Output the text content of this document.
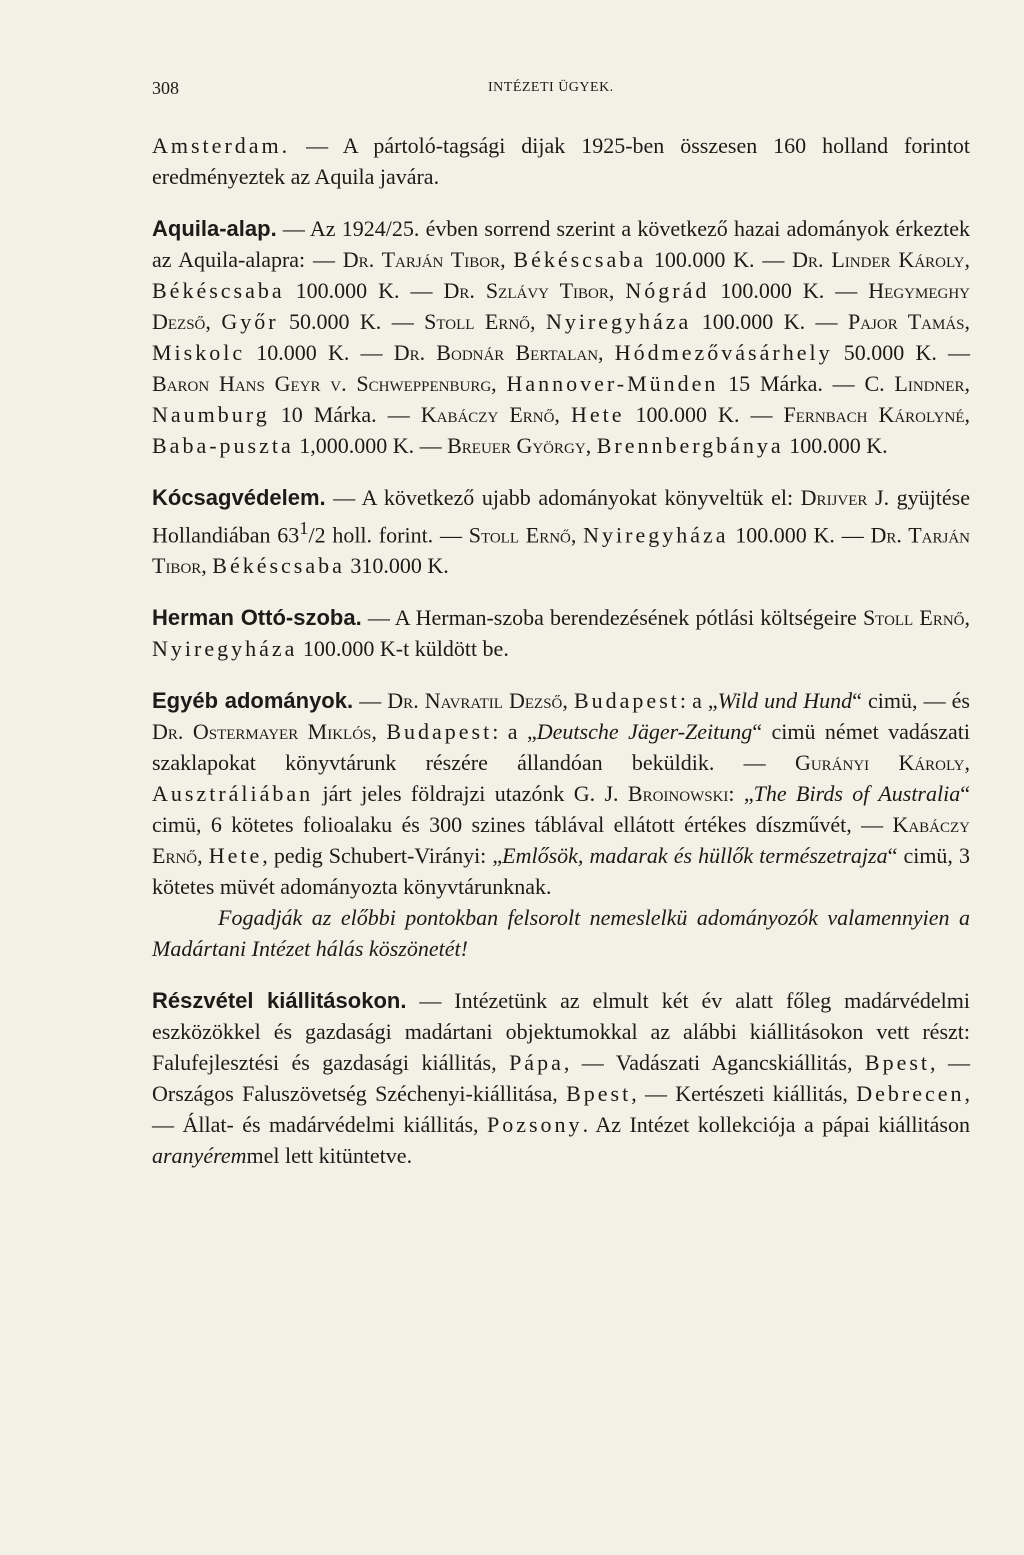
308	INTÉZETI ÜGYEK.

Amsterdam. — A pártoló-tagsági dijak 1925-ben összesen 160 holland forintot eredményeztek az Aquila javára.

Aquila-alap. — Az 1924/25. évben sorrend szerint a következő hazai adományok érkeztek az Aquila-alapra: — Dr. Tarján Tibor, Békéscsaba 100.000 K. — Dr. Linder Károly, Békéscsaba 100.000 K. — Dr. Szlávy Tibor, Nógrád 100.000 K. — Hegymeghy Dezső, Győr 50.000 K. — Stoll Ernő, Nyiregyháza 100.000 K. — Pajor Tamás, Miskolc 10.000 K. — Dr. Bodnár Bertalan, Hódmezővásárhely 50.000 K. — Baron Hans Geyr v. Schweppenburg, Hannover-Münden 15 Márka. — C. Lindner, Naumburg 10 Márka. — Kabáczy Ernő, Hete 100.000 K. — Fernbach Károlyné, Baba-puszta 1,000.000 K. — Breuer György, Brennbergbánya 100.000 K.

Kócsagvédelem. — A következő ujabb adományokat könyveltük el: Drijver J. gyüjtése Hollandiában $63^1/2$ holl. forint. — Stoll Ernő, Nyiregyháza 100.000 K. — Dr. Tarján Tibor, Békéscsaba 310.000 K.

Herman Ottó-szoba. — A Herman-szoba berendezésének pótlási költségeire Stoll Ernő, Nyiregyháza 100.000 K-t küldött be.

Egyéb adományok. — Dr. Navratil Dezső, Budapest: a „Wild und Hund“ cimü, — és Dr. Ostermayer Miklós, Budapest: a „Deutsche Jäger-Zeitung“ cimü német vadászati szaklapokat könyvtárunk részére állandóan beküldik. — Gurányi Károly, Ausztráliában járt jeles földrajzi utazónk G. J. Broinowski: „The Birds of Australia“ cimü, 6 kötetes folioalaku és 300 szines táblával ellátott értékes díszművét, — Kabáczy Ernő, Hete, pedig Schubert-Virányi: „Emlősök, madarak és hüllők természetrajza“ cimü, 3 kötetes müvét adományozta könyvtárunknak.

Fogadják az előbbi pontokban felsorolt nemeslelkü adományozók valamennyien a Madártani Intézet hálás köszönetét!

Részvétel kiállitásokon. — Intézetünk az elmult két év alatt főleg madárvédelmi eszközökkel és gazdasági madártani objektumokkal az alábbi kiállitásokon vett részt: Falufejlesztési és gazdasági kiállitás, Pápa, — Vadászati Agancskiállitás, Bpest, — Országos Faluszövetség Széchenyi-kiállitása, Bpest, — Kertészeti kiállitás, Debrecen, — Állat- és madárvédelmi kiállitás, Pozsony. Az Intézet kollekciója a pápai kiállitáson aranyéremmel lett kitüntetve.
